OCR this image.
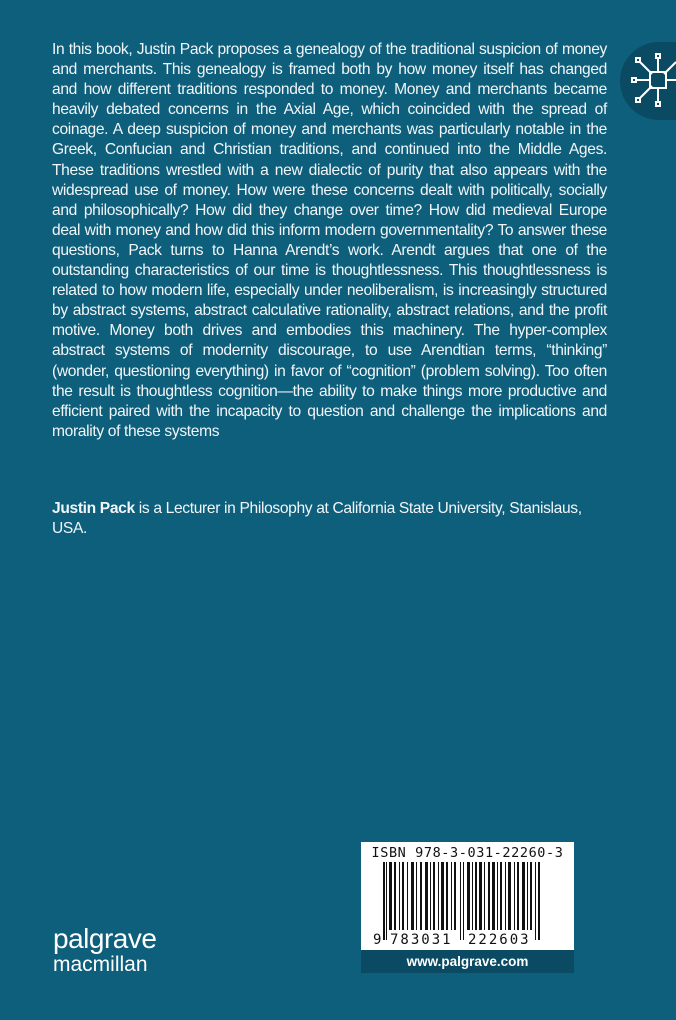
In this book, Justin Pack proposes a genealogy of the traditional suspicion of money and merchants. This genealogy is framed both by how money itself has changed and how different traditions responded to money. Money and merchants became heavily debated concerns in the Axial Age, which coincided with the spread of coinage. A deep suspicion of money and merchants was particularly notable in the Greek, Confucian and Christian traditions, and continued into the Middle Ages. These traditions wrestled with a new dialectic of purity that also appears with the widespread use of money. How were these concerns dealt with politically, socially and philosophically? How did they change over time? How did medieval Europe deal with money and how did this inform modern governmentality? To answer these questions, Pack turns to Hanna Arendt’s work. Arendt argues that one of the outstanding characteristics of our time is thoughtlessness. This thoughtlessness is related to how modern life, especially under neoliberalism, is increasingly structured by abstract systems, abstract calculative rationality, abstract relations, and the profit motive. Money both drives and embodies this machinery. The hyper-complex abstract systems of modernity discourage, to use Arendtian terms, “thinking” (wonder, questioning everything) in favor of “cognition” (problem solving). Too often the result is thoughtless cognition—the ability to make things more productive and efficient paired with the incapacity to question and challenge the implications and morality of these systems

Justin Pack is a Lecturer in Philosophy at California State University, Stanislaus, USA.

palgrave
macmillan
ISBN 978-3-031-22260-3
9 783031 222603
www.palgrave.com
